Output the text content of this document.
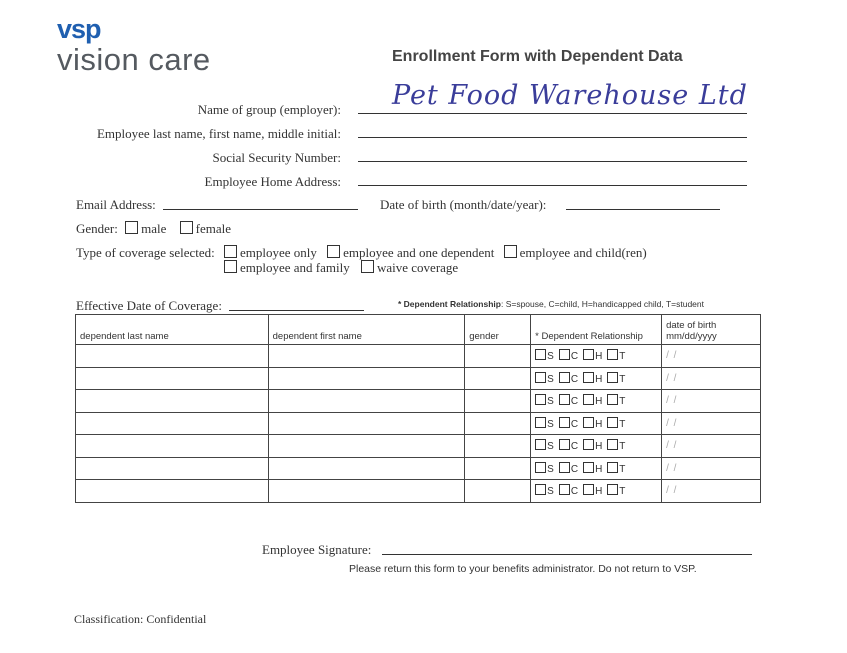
vsp
vision care	Enrollment Form with Dependent Data
Name of group (employer): Pet Food Warehouse Ltd
Employee last name, first name, middle initial:
Social Security Number:
Employee Home Address:
Email Address:	Date of birth (month/date/year):
Gender: male female
Type of coverage selected:	employee only employee and one dependent employee and child(ren)
employee and family waive coverage
Effective Date of Coverage:	* Dependent Relationship: S=spouse, C=child, H=handicapped child, T=student
dependent last name	dependent first name	gender	* Dependent Relationship	date of birth mm/dd/yyyy
			S C H T	/ /
			S C H T	/ /
			S C H T	/ /
			S C H T	/ /
			S C H T	/ /
			S C H T	/ /
			S C H T	/ /
Employee Signature:
Please return this form to your benefits administrator. Do not return to VSP.
Classification: Confidential
